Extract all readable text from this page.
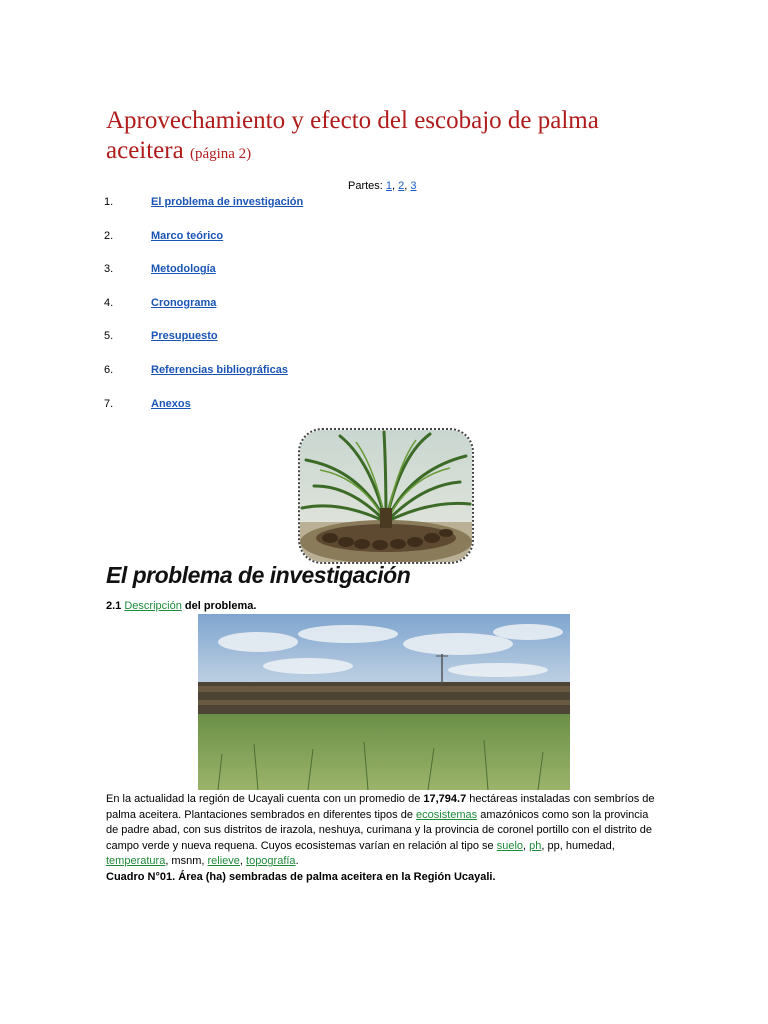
Aprovechamiento y efecto del escobajo de palma aceitera (página 2)
Partes: 1, 2, 3
1.	El problema de investigación
2.	Marco teórico
3.	Metodología
4.	Cronograma
5.	Presupuesto
6.	Referencias bibliográficas
7.	Anexos
El problema de investigación
2.1 Descripción del problema.

En la actualidad la región de Ucayali cuenta con un promedio de 17,794.7 hectáreas instaladas con sembríos de palma aceitera. Plantaciones sembrados en diferentes tipos de ecosistemas amazónicos como son la provincia de padre abad, con sus distritos de irazola, neshuya, curimana y la provincia de coronel portillo con el distrito de campo verde y nueva requena. Cuyos ecosistemas varían en relación al tipo se suelo, ph, pp, humedad, temperatura, msnm, relieve, topografía.

Cuadro N°01. Área (ha) sembradas de palma aceitera en la Región Ucayali.
